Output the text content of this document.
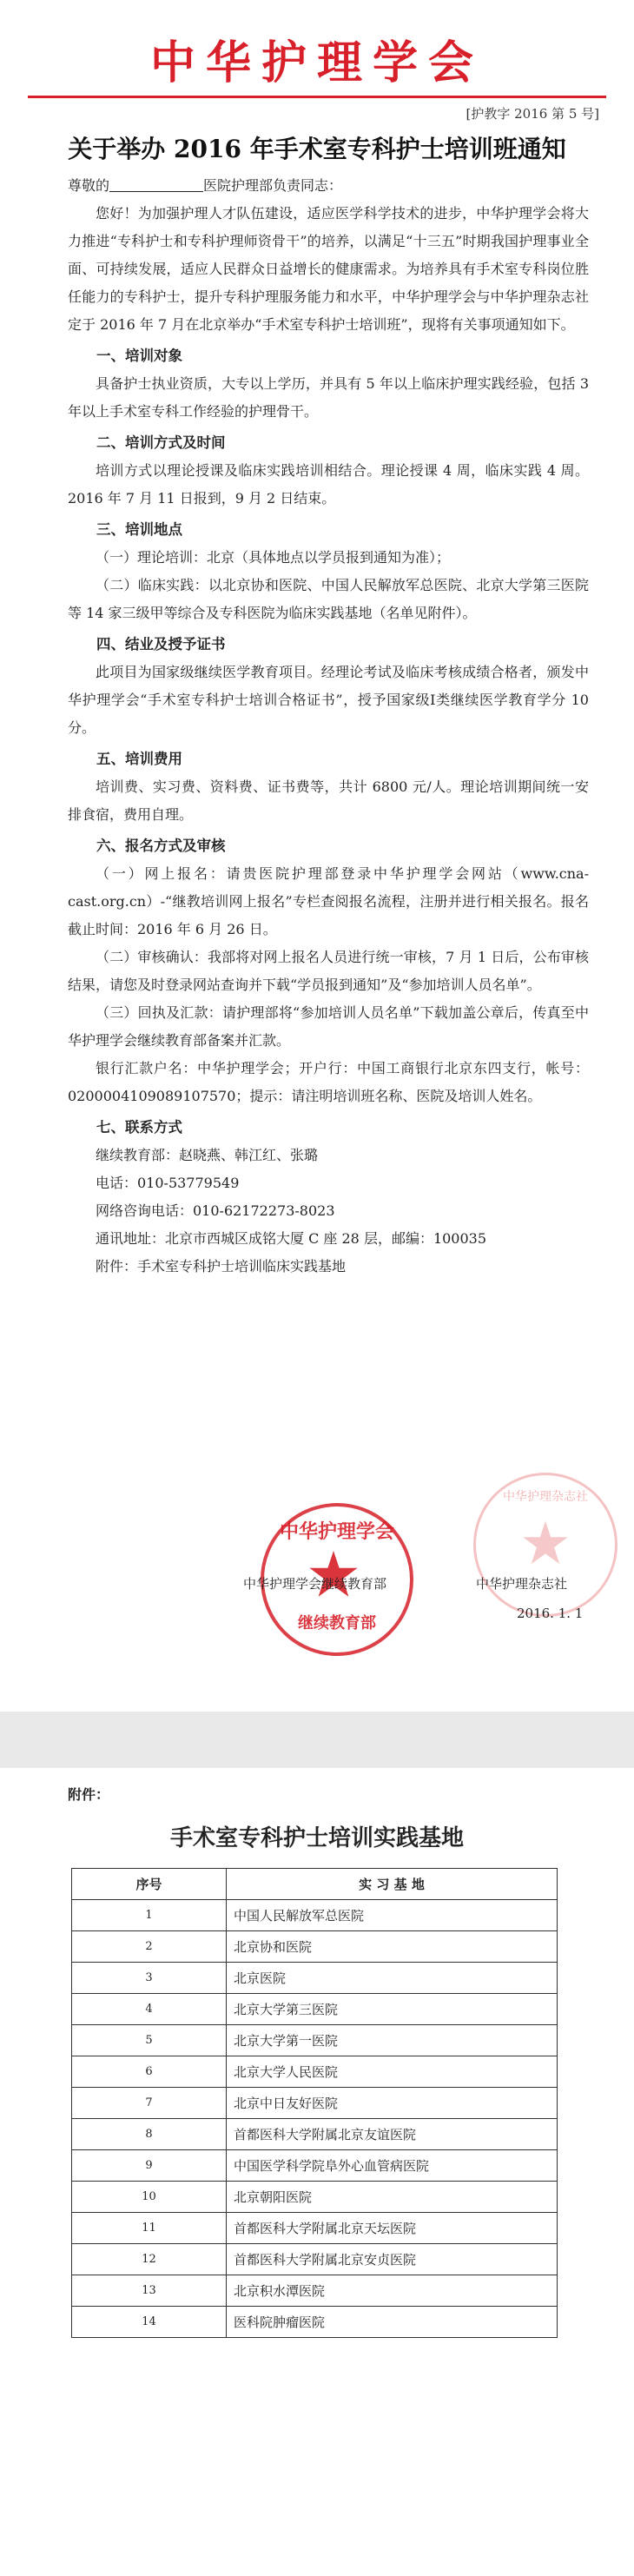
中华护理学会
[护教字 2016 第 5 号]
关于举办 2016 年手术室专科护士培训班通知

尊敬的	医院护理部负责同志：

您好！为加强护理人才队伍建设，适应医学科学技术的进步，中华护理学会将大力推进“专科护士和专科护理师资骨干”的培养，以满足“十三五”时期我国护理事业全面、可持续发展，适应人民群众日益增长的健康需求。为培养具有手术室专科岗位胜任能力的专科护士，提升专科护理服务能力和水平，中华护理学会与中华护理杂志社定于 2016 年 7 月在北京举办“手术室专科护士培训班”，现将有关事项通知如下。

一、培训对象

具备护士执业资质，大专以上学历，并具有 5 年以上临床护理实践经验，包括 3 年以上手术室专科工作经验的护理骨干。

二、培训方式及时间

培训方式以理论授课及临床实践培训相结合。理论授课 4 周，临床实践 4 周。2016 年 7 月 11 日报到，9 月 2 日结束。

三、培训地点

（一）理论培训：北京（具体地点以学员报到通知为准）；

（二）临床实践：以北京协和医院、中国人民解放军总医院、北京大学第三医院等 14 家三级甲等综合及专科医院为临床实践基地（名单见附件）。

四、结业及授予证书

此项目为国家级继续医学教育项目。经理论考试及临床考核成绩合格者，颁发中华护理学会“手术室专科护士培训合格证书”，授予国家级Ⅰ类继续医学教育学分 10 分。

五、培训费用

培训费、实习费、资料费、证书费等，共计 6800 元/人。理论培训期间统一安排食宿，费用自理。

六、报名方式及审核

（一）网上报名：请贵医院护理部登录中华护理学会网站（www.cna-cast.org.cn）-“继教培训网上报名”专栏查阅报名流程，注册并进行相关报名。报名截止时间：2016 年 6 月 26 日。

（二）审核确认：我部将对网上报名人员进行统一审核，7 月 1 日后，公布审核结果，请您及时登录网站查询并下载“学员报到通知”及“参加培训人员名单”。

（三）回执及汇款：请护理部将“参加培训人员名单”下载加盖公章后，传真至中华护理学会继续教育部备案并汇款。

银行汇款户名：中华护理学会；开户行：中国工商银行北京东四支行，帐号：0200004109089107570；提示：请注明培训班名称、医院及培训人姓名。

七、联系方式

继续教育部：赵晓燕、韩江红、张璐

电话：010-53779549

网络咨询电话：010-62172273-8023

通讯地址：北京市西城区成铭大厦 C 座 28 层，邮编：100035

附件：手术室专科护士培训临床实践基地

中华护理杂志社
中华护理学会
继续教育部
中华护理学会继续教育部	中华护理杂志社
2016. 1. 1
附件：
手术室专科护士培训实践基地
序号	实 习 基 地
1	中国人民解放军总医院
2	北京协和医院
3	北京医院
4	北京大学第三医院
5	北京大学第一医院
6	北京大学人民医院
7	北京中日友好医院
8	首都医科大学附属北京友谊医院
9	中国医学科学院阜外心血管病医院
10	北京朝阳医院
11	首都医科大学附属北京天坛医院
12	首都医科大学附属北京安贞医院
13	北京积水潭医院
14	医科院肿瘤医院
